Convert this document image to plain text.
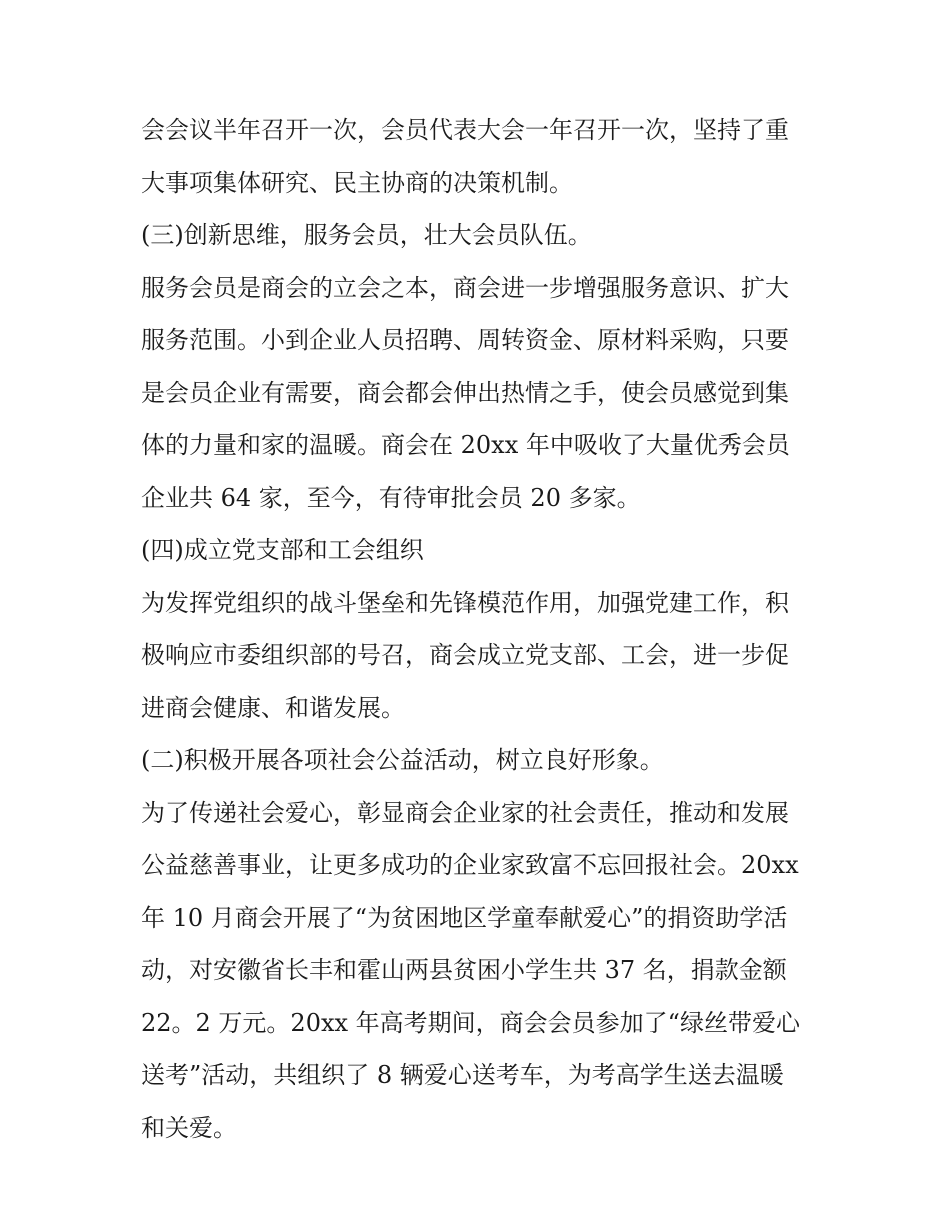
会会议半年召开一次，会员代表大会一年召开一次，坚持了重
大事项集体研究、民主协商的决策机制。
(三)创新思维，服务会员，壮大会员队伍。
服务会员是商会的立会之本，商会进一步增强服务意识、扩大
服务范围。小到企业人员招聘、周转资金、原材料采购，只要
是会员企业有需要，商会都会伸出热情之手，使会员感觉到集
体的力量和家的温暖。商会在 20xx 年中吸收了大量优秀会员
企业共 64 家，至今，有待审批会员 20 多家。
(四)成立党支部和工会组织
为发挥党组织的战斗堡垒和先锋模范作用，加强党建工作，积
极响应市委组织部的号召，商会成立党支部、工会，进一步促
进商会健康、和谐发展。
(二)积极开展各项社会公益活动，树立良好形象。
为了传递社会爱心，彰显商会企业家的社会责任，推动和发展
公益慈善事业，让更多成功的企业家致富不忘回报社会。20xx
年 10 月商会开展了“为贫困地区学童奉献爱心”的捐资助学活
动，对安徽省长丰和霍山两县贫困小学生共 37 名，捐款金额
22。2 万元。20xx 年高考期间，商会会员参加了“绿丝带爱心
送考”活动，共组织了 8 辆爱心送考车，为考高学生送去温暖
和关爱。
